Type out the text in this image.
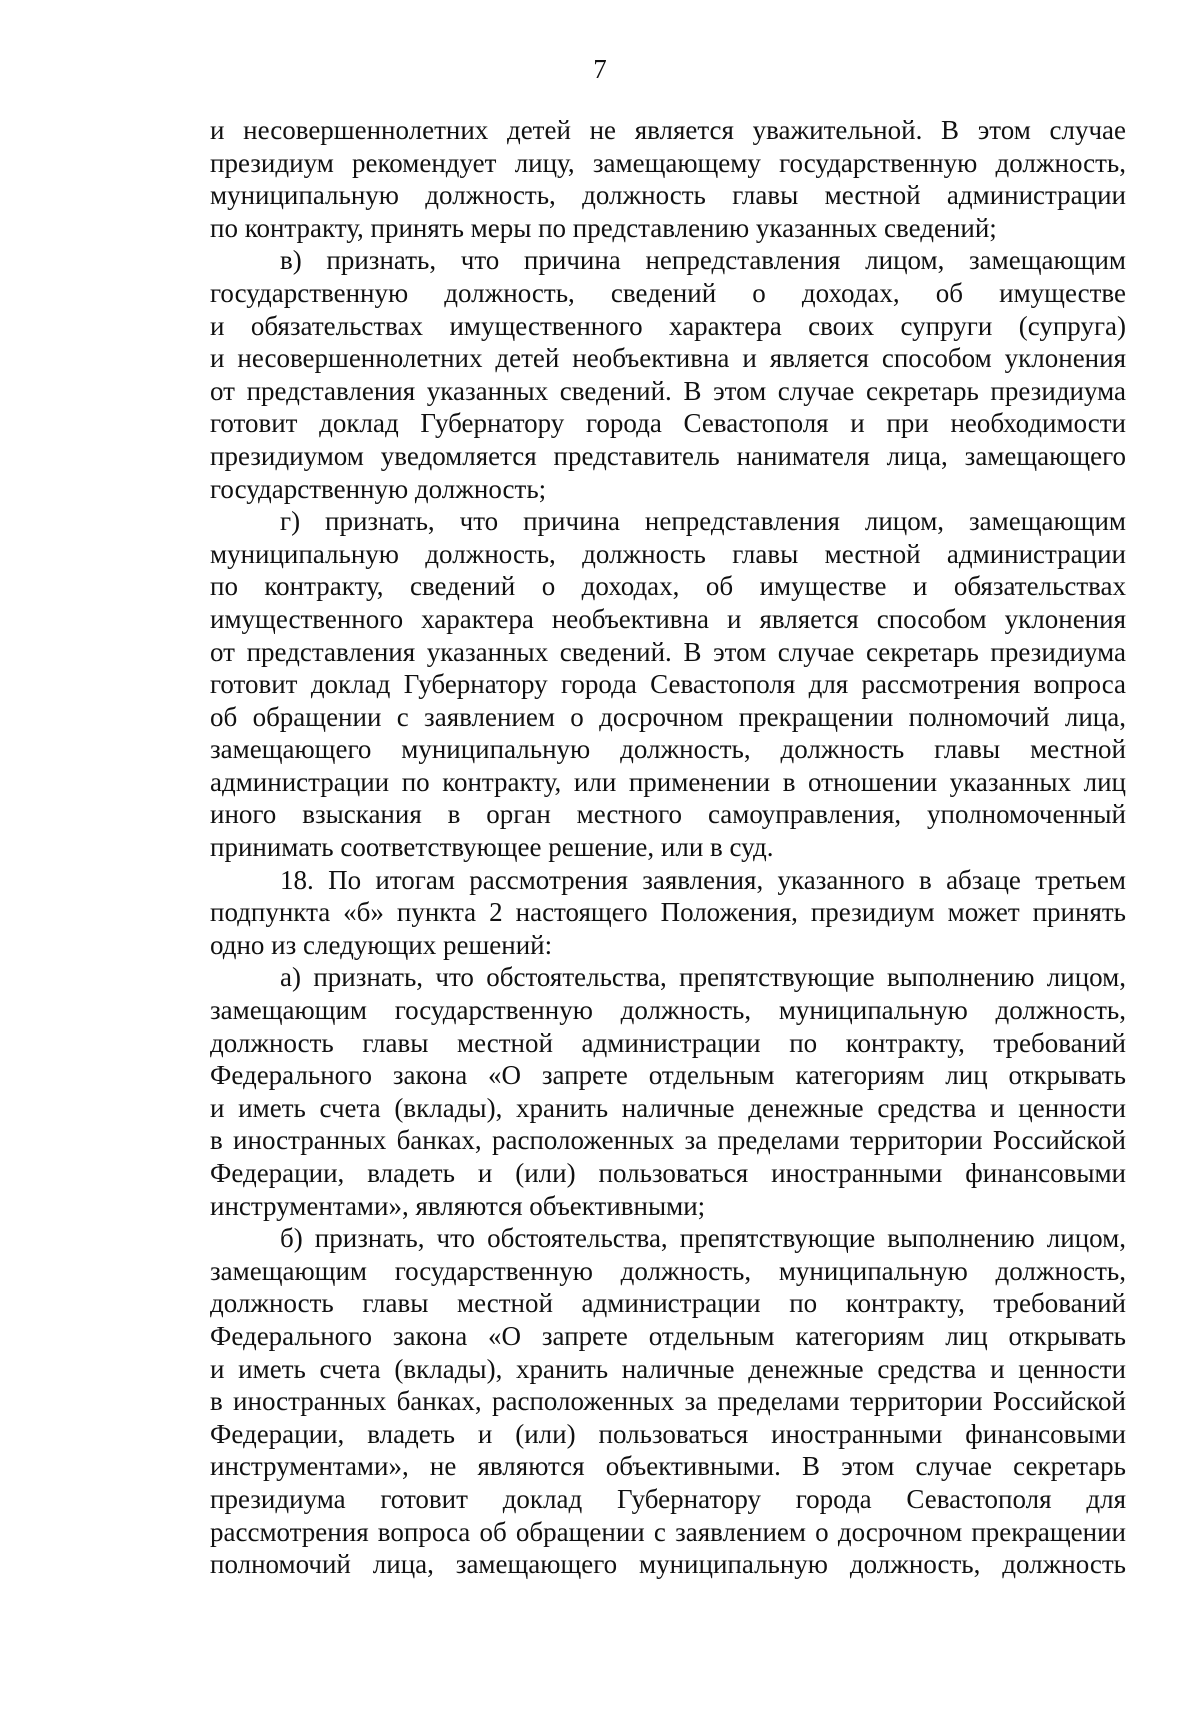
7
и несовершеннолетних детей не является уважительной. В этом случае
президиум рекомендует лицу, замещающему государственную должность,
муниципальную должность, должность главы местной администрации
по контракту, принять меры по представлению указанных сведений;
в) признать, что причина непредставления лицом, замещающим
государственную должность, сведений о доходах, об имуществе
и обязательствах имущественного характера своих супруги (супруга)
и несовершеннолетних детей необъективна и является способом уклонения
от представления указанных сведений. В этом случае секретарь президиума
готовит доклад Губернатору города Севастополя и при необходимости
президиумом уведомляется представитель нанимателя лица, замещающего
государственную должность;
г) признать, что причина непредставления лицом, замещающим
муниципальную должность, должность главы местной администрации
по контракту, сведений о доходах, об имуществе и обязательствах
имущественного характера необъективна и является способом уклонения
от представления указанных сведений. В этом случае секретарь президиума
готовит доклад Губернатору города Севастополя для рассмотрения вопроса
об обращении с заявлением о досрочном прекращении полномочий лица,
замещающего муниципальную должность, должность главы местной
администрации по контракту, или применении в отношении указанных лиц
иного взыскания в орган местного самоуправления, уполномоченный
принимать соответствующее решение, или в суд.
18. По итогам рассмотрения заявления, указанного в абзаце третьем
подпункта «б» пункта 2 настоящего Положения, президиум может принять
одно из следующих решений:
а) признать, что обстоятельства, препятствующие выполнению лицом,
замещающим государственную должность, муниципальную должность,
должность главы местной администрации по контракту, требований
Федерального закона «О запрете отдельным категориям лиц открывать
и иметь счета (вклады), хранить наличные денежные средства и ценности
в иностранных банках, расположенных за пределами территории Российской
Федерации, владеть и (или) пользоваться иностранными финансовыми
инструментами», являются объективными;
б) признать, что обстоятельства, препятствующие выполнению лицом,
замещающим государственную должность, муниципальную должность,
должность главы местной администрации по контракту, требований
Федерального закона «О запрете отдельным категориям лиц открывать
и иметь счета (вклады), хранить наличные денежные средства и ценности
в иностранных банках, расположенных за пределами территории Российской
Федерации, владеть и (или) пользоваться иностранными финансовыми
инструментами», не являются объективными. В этом случае секретарь
президиума готовит доклад Губернатору города Севастополя для
рассмотрения вопроса об обращении с заявлением о досрочном прекращении
полномочий лица, замещающего муниципальную должность, должность
